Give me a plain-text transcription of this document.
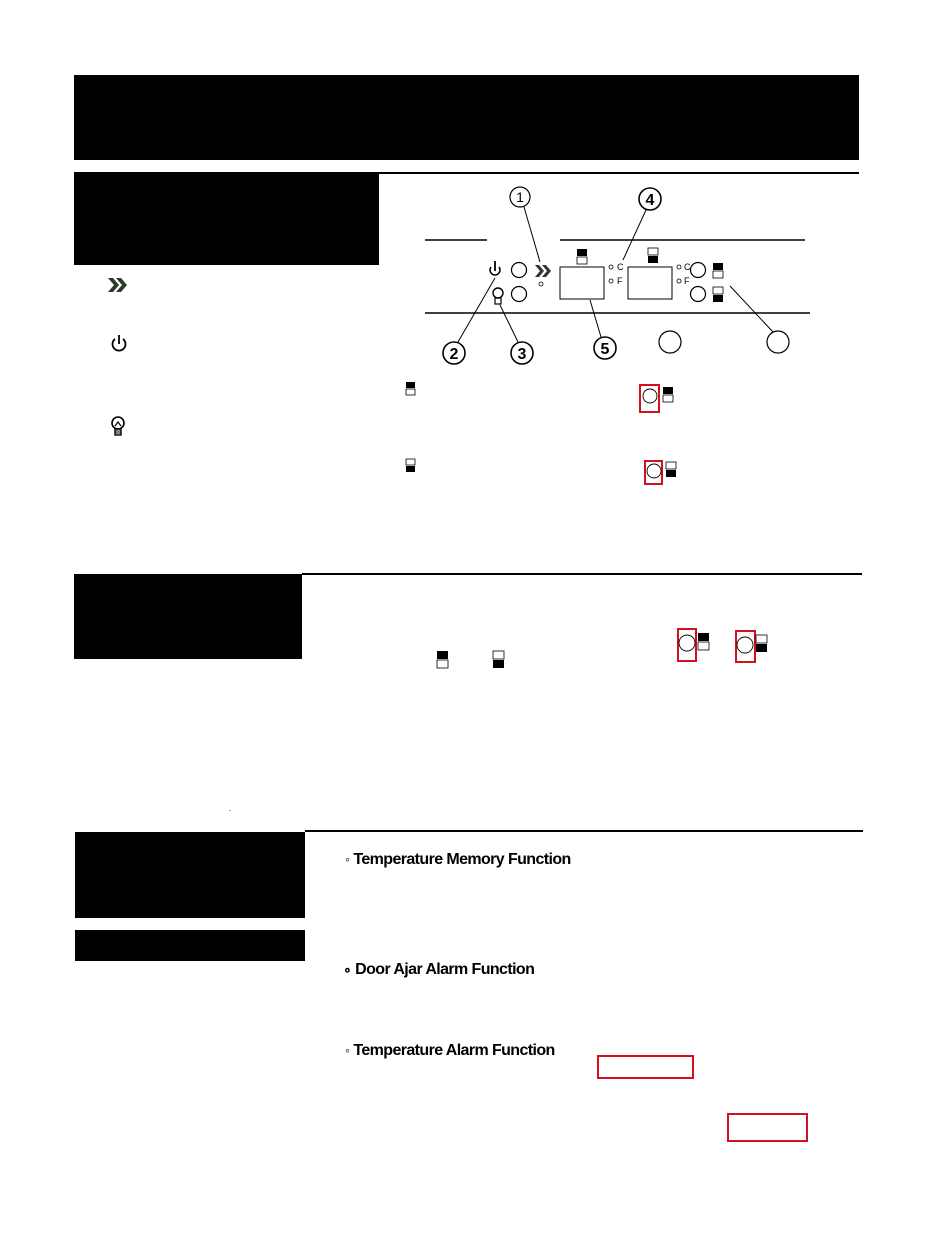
1	4
2	3	5
C
F
C
F
.
◦ Temperature Memory Function
∘ Door Ajar Alarm Function
◦ Temperature Alarm Function
